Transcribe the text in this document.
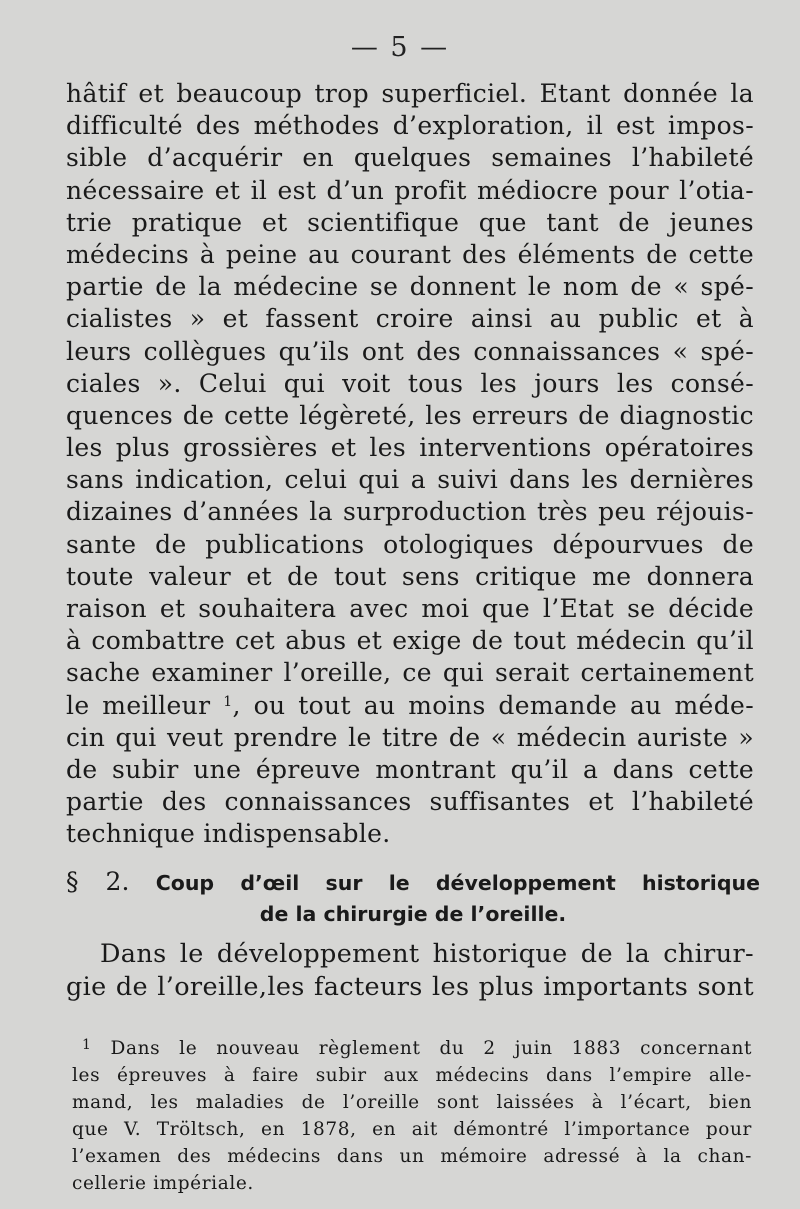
— 5 —
hâtif et beaucoup trop superficiel. Etant donnée la
difficulté des méthodes d’exploration, il est impos-
sible d’acquérir en quelques semaines l’habileté
nécessaire et il est d’un profit médiocre pour l’otia-
trie pratique et scientifique que tant de jeunes
médecins à peine au courant des éléments de cette
partie de la médecine se donnent le nom de « spé-
cialistes » et fassent croire ainsi au public et à
leurs collègues qu’ils ont des connaissances « spé-
ciales ». Celui qui voit tous les jours les consé-
quences de cette légèreté, les erreurs de diagnostic
les plus grossières et les interventions opératoires
sans indication, celui qui a suivi dans les dernières
dizaines d’années la surproduction très peu réjouis-
sante de publications otologiques dépourvues de
toute valeur et de tout sens critique me donnera
raison et souhaitera avec moi que l’Etat se décide
à combattre cet abus et exige de tout médecin qu’il
sache examiner l’oreille, ce qui serait certainement
le meilleur $^1$, ou tout au moins demande au méde-
cin qui veut prendre le titre de « médecin auriste »
de subir une épreuve montrant qu’il a dans cette
partie des connaissances suffisantes et l’habileté
technique indispensable.
§ 2. Coup d’œil sur le développement historique
de la chirurgie de l’oreille.
Dans le développement historique de la chirur-
gie de l’oreille,les facteurs les plus importants sont
$^1$ Dans le nouveau règlement du 2 juin 1883 concernant
les épreuves à faire subir aux médecins dans l’empire alle-
mand, les maladies de l’oreille sont laissées à l’écart, bien
que V. Tröltsch, en 1878, en ait démontré l’importance pour
l’examen des médecins dans un mémoire adressé à la chan-
cellerie impériale.
